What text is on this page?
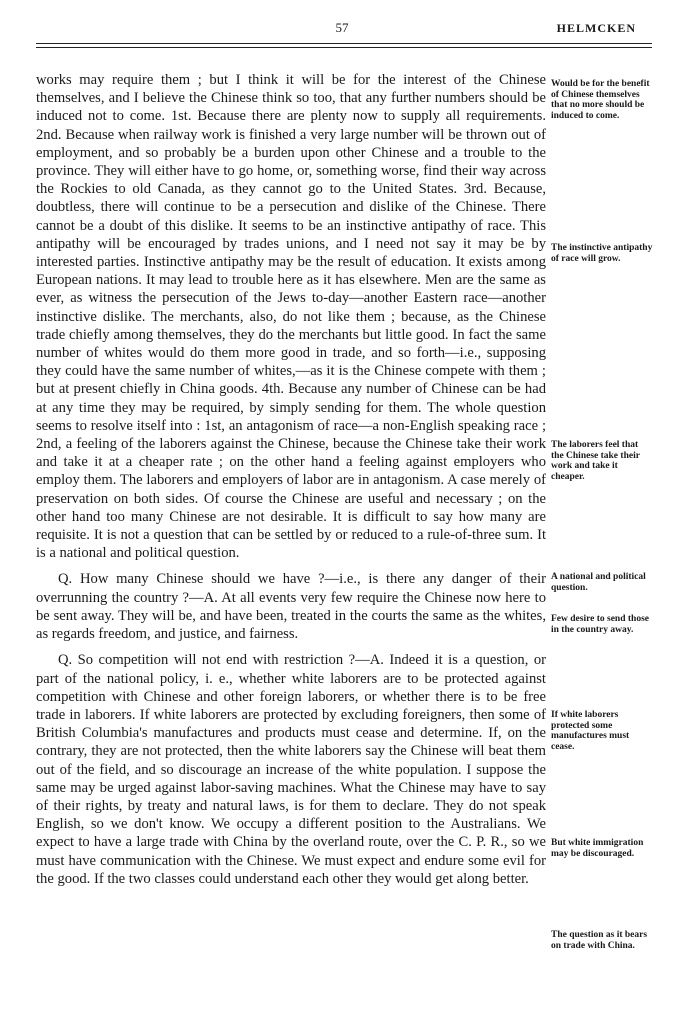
57	HELMCKEN

works may require them ; but I think it will be for the interest of the Chinese themselves, and I believe the Chinese think so too, that any further numbers should be induced not to come. 1st. Because there are plenty now to supply all requirements. 2nd. Because when railway work is finished a very large number will be thrown out of employment, and so probably be a burden upon other Chinese and a trouble to the province. They will either have to go home, or, something worse, find their way across the Rockies to old Canada, as they cannot go to the United States. 3rd. Because, doubtless, there will continue to be a persecution and dislike of the Chinese. There cannot be a doubt of this dislike. It seems to be an instinctive antipathy of race. This antipathy will be encouraged by trades unions, and I need not say it may be by interested parties. Instinctive antipathy may be the result of education. It exists among European nations. It may lead to trouble here as it has elsewhere. Men are the same as ever, as witness the persecution of the Jews to-day—another Eastern race—another instinctive dislike. The merchants, also, do not like them ; because, as the Chinese trade chiefly among themselves, they do the merchants but little good. In fact the same number of whites would do them more good in trade, and so forth—i.e., supposing they could have the same number of whites,—as it is the Chinese compete with them ; but at present chiefly in China goods. 4th. Because any number of Chinese can be had at any time they may be required, by simply sending for them. The whole question seems to resolve itself into : 1st, an antagonism of race—a non-English speaking race ; 2nd, a feeling of the laborers against the Chinese, because the Chinese take their work and take it at a cheaper rate ; on the other hand a feeling against employers who employ them. The laborers and employers of labor are in antagonism. A case merely of preservation on both sides. Of course the Chinese are useful and necessary ; on the other hand too many Chinese are not desirable. It is difficult to say how many are requisite. It is not a question that can be settled by or reduced to a rule-of-three sum. It is a national and political question.

Q. How many Chinese should we have ?—i.e., is there any danger of their overrunning the country ?—A. At all events very few require the Chinese now here to be sent away. They will be, and have been, treated in the courts the same as the whites, as regards freedom, and justice, and fairness.

Q. So competition will not end with restriction ?—A. Indeed it is a question, or part of the national policy, i. e., whether white laborers are to be protected against competition with Chinese and other foreign laborers, or whether there is to be free trade in laborers. If white laborers are protected by excluding foreigners, then some of British Columbia's manufactures and products must cease and determine. If, on the contrary, they are not protected, then the white laborers say the Chinese will beat them out of the field, and so discourage an increase of the white population. I suppose the same may be urged against labor-saving machines. What the Chinese may have to say of their rights, by treaty and natural laws, is for them to declare. They do not speak English, so we don't know. We occupy a different position to the Australians. We expect to have a large trade with China by the overland route, over the C. P. R., so we must have communication with the Chinese. We must expect and endure some evil for the good. If the two classes could understand each other they would get along better.

Would be for the benefit of Chinese themselves that no more should be induced to come.
The instinctive antipathy of race will grow.
The laborers feel that the Chinese take their work and take it cheaper.
A national and political question.
Few desire to send those in the country away.
If white laborers protected some manufactures must cease.
But white immigration may be discouraged.
The question as it bears on trade with China.
